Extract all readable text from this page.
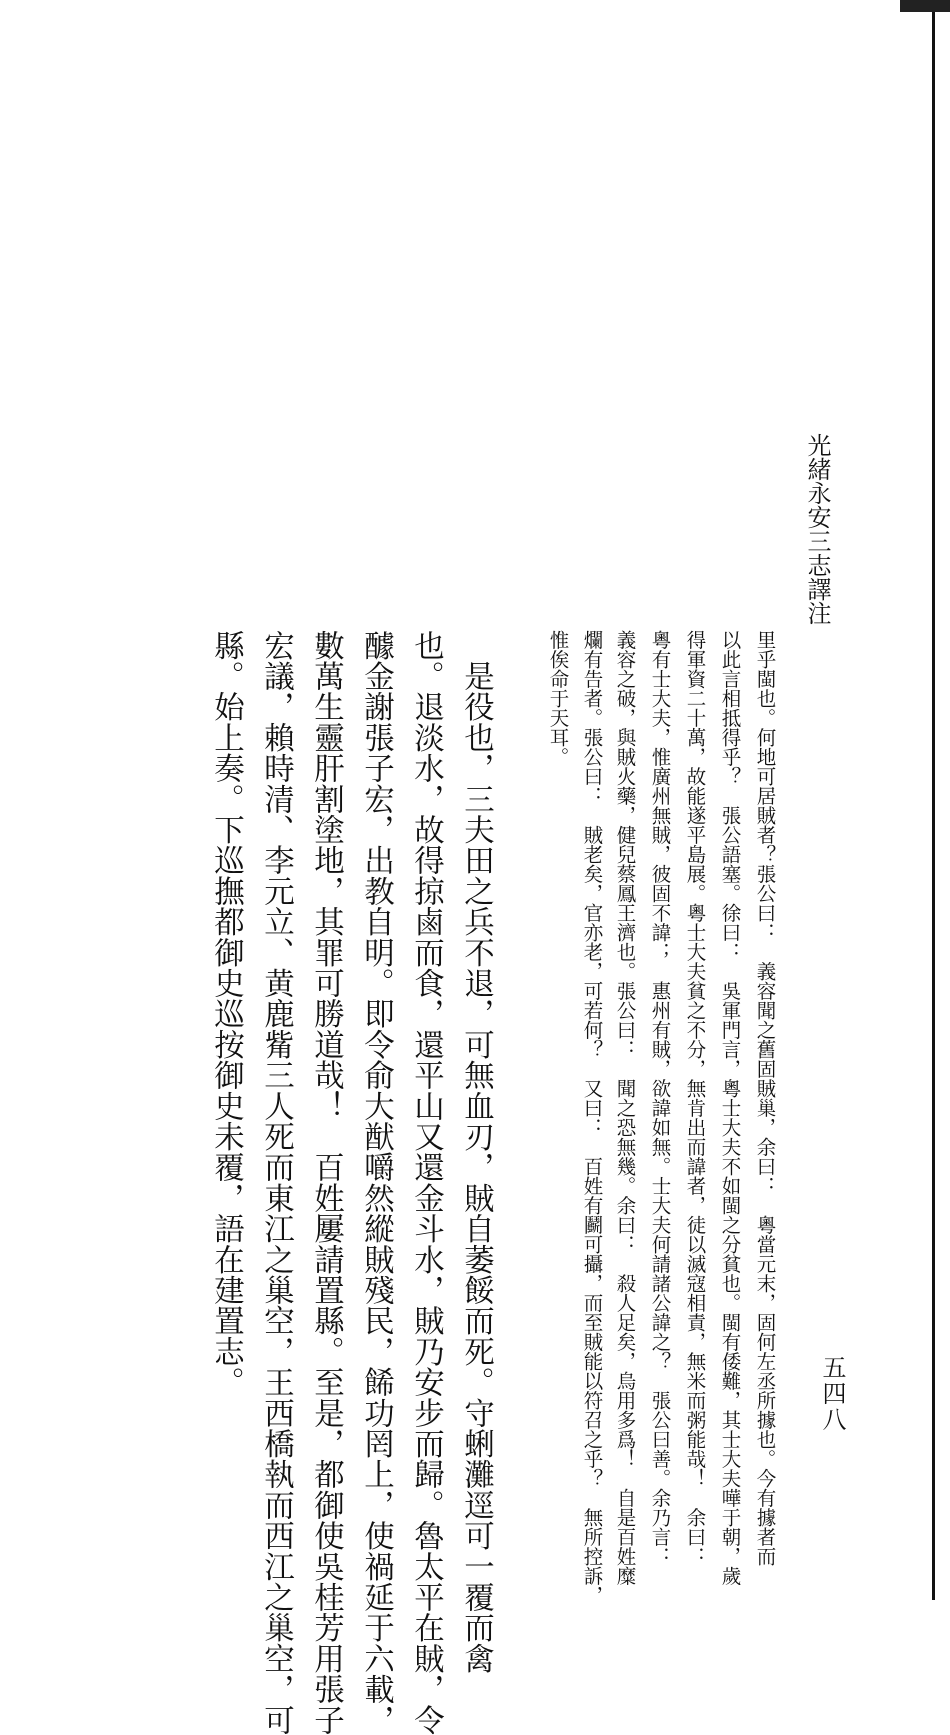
光緒永安三志譯注
五四八
里乎閩也。何地可居賊者？張公曰：　義容聞之舊固賊巢，余曰：　粵當元末，固何左丞所據也。今有據者而
以此言相抵得乎？　張公語塞。徐曰：　吳軍門言，粵士大夫不如閩之分貧也。閩有倭難，其士大夫嘩于朝，歲
得軍資二十萬，故能遂平島展。粵士大夫貧之不分，無肯出而諱者，徒以滅寇相責，無米而粥能哉！　余曰：
粵有士大夫，惟廣州無賊，彼固不諱；　惠州有賊，欲諱如無。士大夫何請諸公諱之？　張公曰善。余乃言：
義容之破，與賊火藥，健兒蔡鳳王濟也。張公曰：　聞之恐無幾。余曰：　殺人足矣，烏用多爲！　自是百姓糜
爛有告者。張公曰：　賊老矣，官亦老，可若何？　又曰：　百姓有鬬可攝，而至賊能以符召之乎？　無所控訴，
惟俟命于天耳。
　是役也，三夫田之兵不退，可無血刃，賊自萎餒而死。守蜊灘逕可一覆而禽
也。退淡水，故得掠鹵而食，還平山又還金斗水，賊乃安步而歸。魯太平在賊，令
醵金謝張子宏，出教自明。即令俞大猷嚼然縱賊殘民，餙功罔上，使禍延于六載，
數萬生靈肝割塗地，其罪可勝道哉！　百姓屢請置縣。至是，都御使吳桂芳用張子
宏議，賴時清、李元立、黄鹿觜三人死而東江之巢空，王西橋執而西江之巢空，可
縣。始上奏。下巡撫都御史巡按御史未覆，語在建置志。
